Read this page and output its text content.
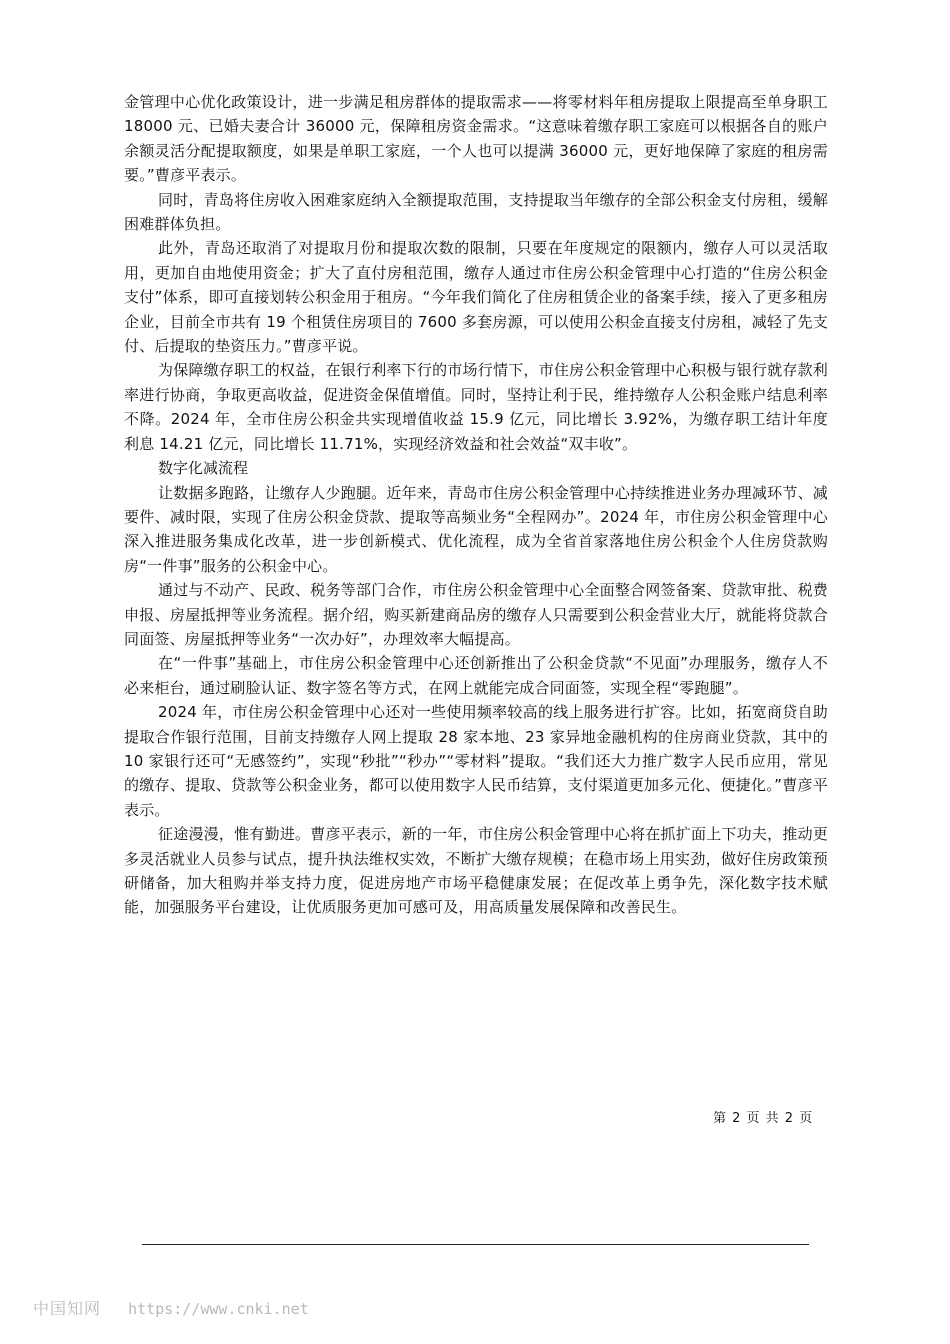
金管理中心优化政策设计，进一步满足租房群体的提取需求——将零材料年租房提取上限提高至单身职工 18000 元、已婚夫妻合计 36000 元，保障租房资金需求。“这意味着缴存职工家庭可以根据各自的账户余额灵活分配提取额度，如果是单职工家庭，一个人也可以提满 36000 元，更好地保障了家庭的租房需要。”曹彦平表示。

同时，青岛将住房收入困难家庭纳入全额提取范围，支持提取当年缴存的全部公积金支付房租，缓解困难群体负担。

此外，青岛还取消了对提取月份和提取次数的限制，只要在年度规定的限额内，缴存人可以灵活取用，更加自由地使用资金；扩大了直付房租范围，缴存人通过市住房公积金管理中心打造的“住房公积金支付”体系，即可直接划转公积金用于租房。“今年我们简化了住房租赁企业的备案手续，接入了更多租房企业，目前全市共有 19 个租赁住房项目的 7600 多套房源，可以使用公积金直接支付房租，减轻了先支付、后提取的垫资压力。”曹彦平说。

为保障缴存职工的权益，在银行利率下行的市场行情下，市住房公积金管理中心积极与银行就存款利率进行协商，争取更高收益，促进资金保值增值。同时，坚持让利于民，维持缴存人公积金账户结息利率不降。2024 年，全市住房公积金共实现增值收益 15.9 亿元，同比增长 3.92%，为缴存职工结计年度利息 14.21 亿元，同比增长 11.71%，实现经济效益和社会效益“双丰收”。

数字化减流程

让数据多跑路，让缴存人少跑腿。近年来，青岛市住房公积金管理中心持续推进业务办理减环节、减要件、减时限，实现了住房公积金贷款、提取等高频业务“全程网办”。2024 年，市住房公积金管理中心深入推进服务集成化改革，进一步创新模式、优化流程，成为全省首家落地住房公积金个人住房贷款购房“一件事”服务的公积金中心。

通过与不动产、民政、税务等部门合作，市住房公积金管理中心全面整合网签备案、贷款审批、税费申报、房屋抵押等业务流程。据介绍，购买新建商品房的缴存人只需要到公积金营业大厅，就能将贷款合同面签、房屋抵押等业务“一次办好”，办理效率大幅提高。

在“一件事”基础上，市住房公积金管理中心还创新推出了公积金贷款“不见面”办理服务，缴存人不必来柜台，通过刷脸认证、数字签名等方式，在网上就能完成合同面签，实现全程“零跑腿”。

2024 年，市住房公积金管理中心还对一些使用频率较高的线上服务进行扩容。比如，拓宽商贷自助提取合作银行范围，目前支持缴存人网上提取 28 家本地、23 家异地金融机构的住房商业贷款，其中的 10 家银行还可“无感签约”，实现“秒批”“秒办”“零材料”提取。“我们还大力推广数字人民币应用，常见的缴存、提取、贷款等公积金业务，都可以使用数字人民币结算，支付渠道更加多元化、便捷化。”曹彦平表示。

征途漫漫，惟有勤进。曹彦平表示，新的一年，市住房公积金管理中心将在抓扩面上下功夫，推动更多灵活就业人员参与试点，提升执法维权实效，不断扩大缴存规模；在稳市场上用实劲，做好住房政策预研储备，加大租购并举支持力度，促进房地产市场平稳健康发展；在促改革上勇争先，深化数字技术赋能，加强服务平台建设，让优质服务更加可感可及，用高质量发展保障和改善民生。

第 2 页 共 2 页
中国知网 https://www.cnki.net
